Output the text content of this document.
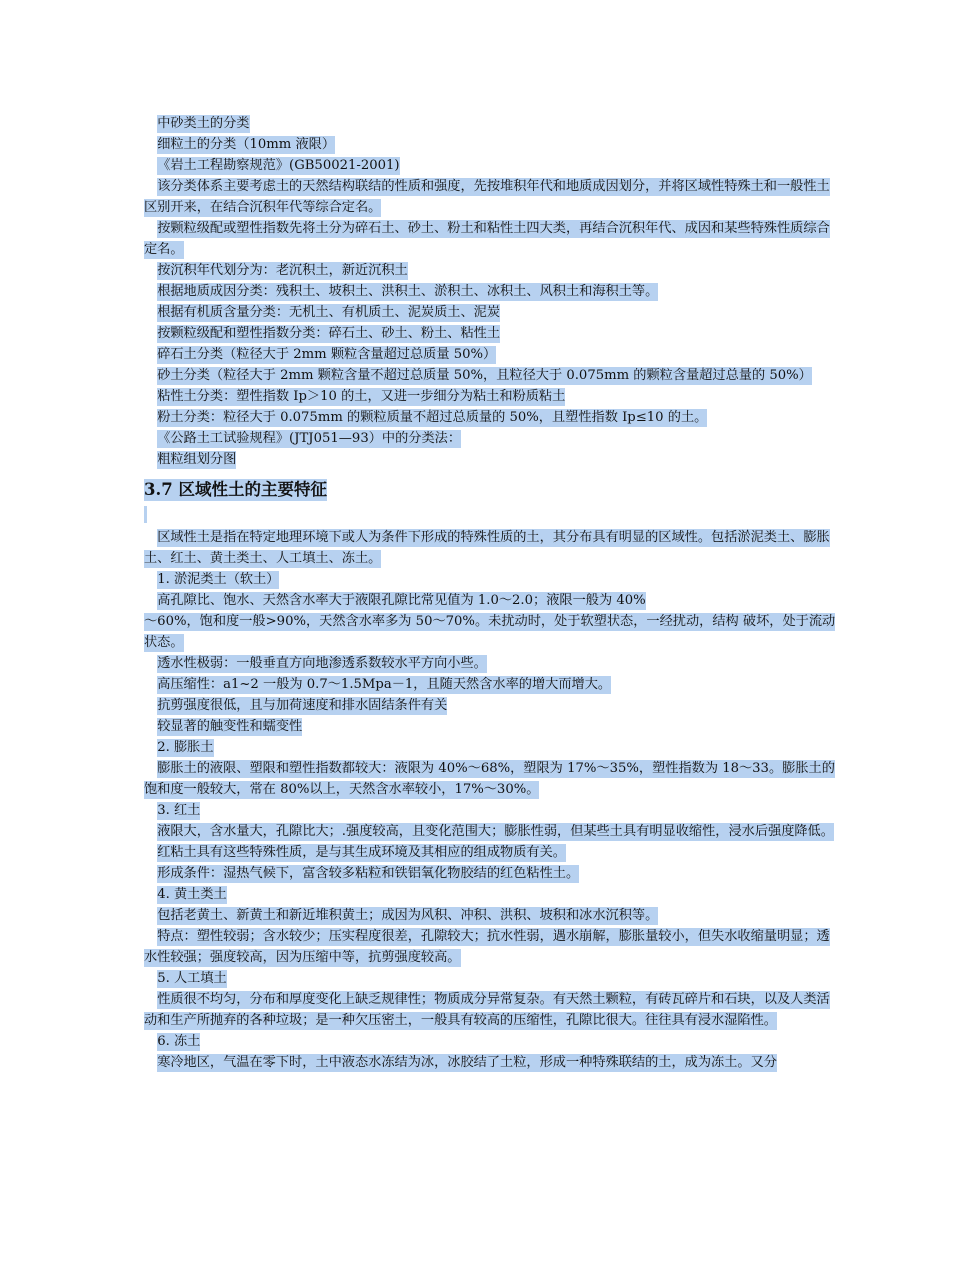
中砂类土的分类

细粒土的分类（10mm 液限）

《岩土工程勘察规范》(GB50021-2001)

该分类体系主要考虑土的天然结构联结的性质和强度，先按堆积年代和地质成因划分，并将区域性特殊土和一般性土区别开来，在结合沉积年代等综合定名。

按颗粒级配或塑性指数先将土分为碎石土、砂土、粉土和粘性土四大类，再结合沉积年代、成因和某些特殊性质综合定名。

按沉积年代划分为：老沉积土，新近沉积土

根据地质成因分类：残积土、坡积土、洪积土、淤积土、冰积土、风积土和海积土等。

根据有机质含量分类：无机土、有机质土、泥炭质土、泥炭

按颗粒级配和塑性指数分类：碎石土、砂土、粉土、粘性土

碎石土分类（粒径大于 2mm 颗粒含量超过总质量 50%）

砂土分类（粒径大于 2mm 颗粒含量不超过总质量 50%，且粒径大于 0.075mm 的颗粒含量超过总量的 50%）

粘性土分类：塑性指数 Ip＞10 的土，又进一步细分为粘土和粉质粘土

粉土分类：粒径大于 0.075mm 的颗粒质量不超过总质量的 50%，且塑性指数 Ip≤10 的土。

《公路土工试验规程》(JTJ051—93）中的分类法：

粗粒组划分图

3.7 区域性土的主要特征

区域性土是指在特定地理环境下或人为条件下形成的特殊性质的土，其分布具有明显的区域性。包括淤泥类土、膨胀土、红土、黄土类土、人工填土、冻土。

1. 淤泥类土（软土）

高孔隙比、饱水、天然含水率大于液限孔隙比常见值为 1.0～2.0；液限一般为 40%

～60%，饱和度一般>90%，天然含水率多为 50～70%。未扰动时，处于软塑状态，一经扰动，结构 破坏，处于流动状态。

透水性极弱：一般垂直方向地渗透系数较水平方向小些。

高压缩性：a1~2 一般为 0.7～1.5Mpa－1，且随天然含水率的增大而增大。

抗剪强度很低，且与加荷速度和排水固结条件有关

较显著的触变性和蠕变性

2. 膨胀土

膨胀土的液限、塑限和塑性指数都较大：液限为 40%～68%，塑限为 17%～35%，塑性指数为 18～33。膨胀土的饱和度一般较大，常在 80%以上，天然含水率较小，17%～30%。

3. 红土

液限大，含水量大，孔隙比大；.强度较高，且变化范围大；膨胀性弱，但某些土具有明显收缩性，浸水后强度降低。

红粘土具有这些特殊性质，是与其生成环境及其相应的组成物质有关。

形成条件：湿热气候下，富含较多粘粒和铁铝氧化物胶结的红色粘性土。

4. 黄土类土

包括老黄土、新黄土和新近堆积黄土；成因为风积、冲积、洪积、坡积和冰水沉积等。

特点：塑性较弱；含水较少；压实程度很差，孔隙较大；抗水性弱，遇水崩解，膨胀量较小，但失水收缩量明显；透水性较强；强度较高，因为压缩中等，抗剪强度较高。

5. 人工填土

性质很不均匀，分布和厚度变化上缺乏规律性；物质成分异常复杂。有天然土颗粒，有砖瓦碎片和石块，以及人类活动和生产所抛弃的各种垃圾；是一种欠压密土，一般具有较高的压缩性，孔隙比很大。往往具有浸水湿陷性。

6. 冻土

寒冷地区，气温在零下时，土中液态水冻结为冰，冰胶结了土粒，形成一种特殊联结的土，成为冻土。又分
